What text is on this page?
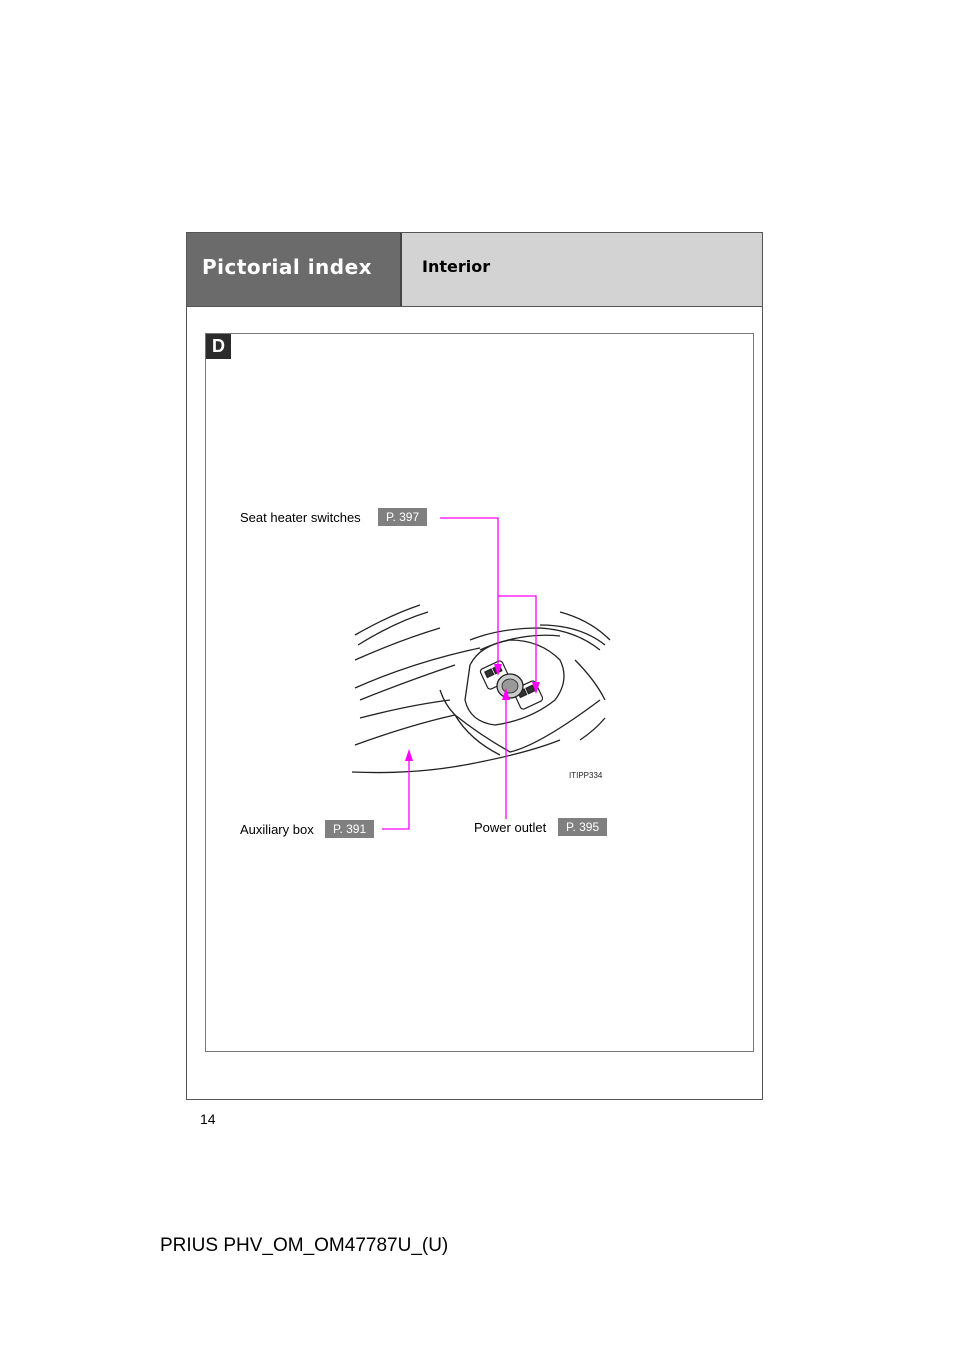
Pictorial index	Interior
D
Seat heater switches	P. 397
Auxiliary box	P. 391	Power outlet	P. 395
ITIPP334
14
PRIUS PHV_OM_OM47787U_(U)
